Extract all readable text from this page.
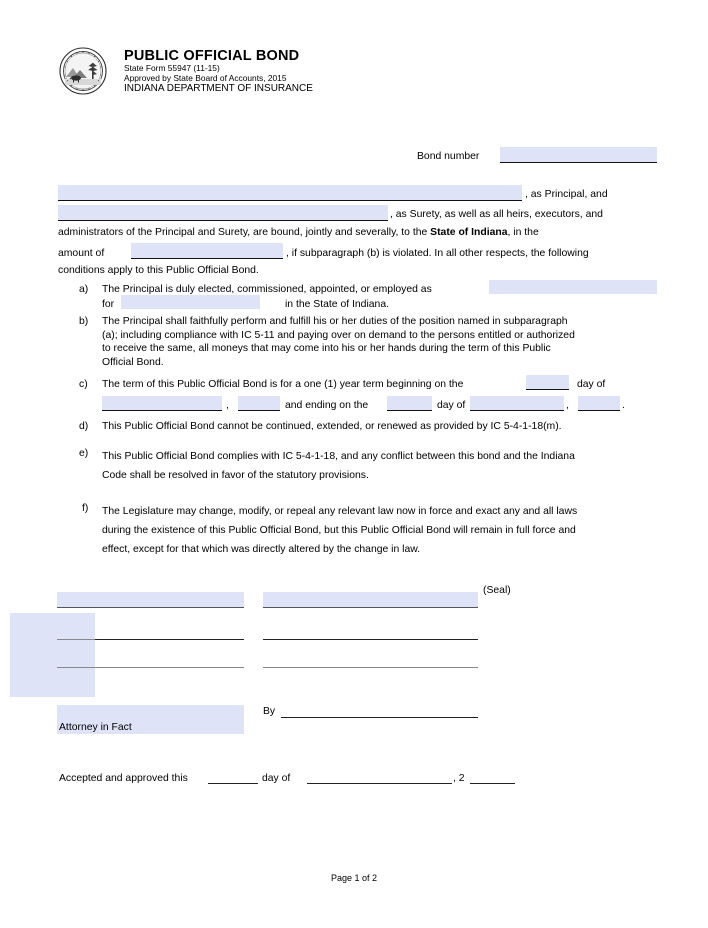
PUBLIC OFFICIAL BOND

State Form 55947 (11-15)

Approved by State Board of Accounts, 2015

INDIANA DEPARTMENT OF INSURANCE

Bond number
, as Principal, and
, as Surety, as well as all heirs, executors, and
administrators of the Principal and Surety, are bound, jointly and severally, to the State of Indiana, in the
amount of	, if subparagraph (b) is violated. In all other respects, the following
conditions apply to this Public Official Bond.
a) The Principal is duly elected, commissioned, appointed, or employed as
for	in the State of Indiana.
b) The Principal shall faithfully perform and fulfill his or her duties of the position named in subparagraph
(a); including compliance with IC 5-11 and paying over on demand to the persons entitled or authorized
to receive the same, all moneys that may come into his or her hands during the term of this Public
Official Bond.
c) The term of this Public Official Bond is for a one (1) year term beginning on the	day of
,	and ending on the	day of	,	.
d) This Public Official Bond cannot be continued, extended, or renewed as provided by IC 5-4-1-18(m).
e) This Public Official Bond complies with IC 5-4-1-18, and any conflict between this bond and the Indiana
Code shall be resolved in favor of the statutory provisions.
f) The Legislature may change, modify, or repeal any relevant law now in force and exact any and all laws
during the existence of this Public Official Bond, but this Public Official Bond will remain in full force and
effect, except for that which was directly altered by the change in law.
(Seal)
Attorney in Fact
By
Accepted and approved this	day of	, 2
Page 1 of 2
